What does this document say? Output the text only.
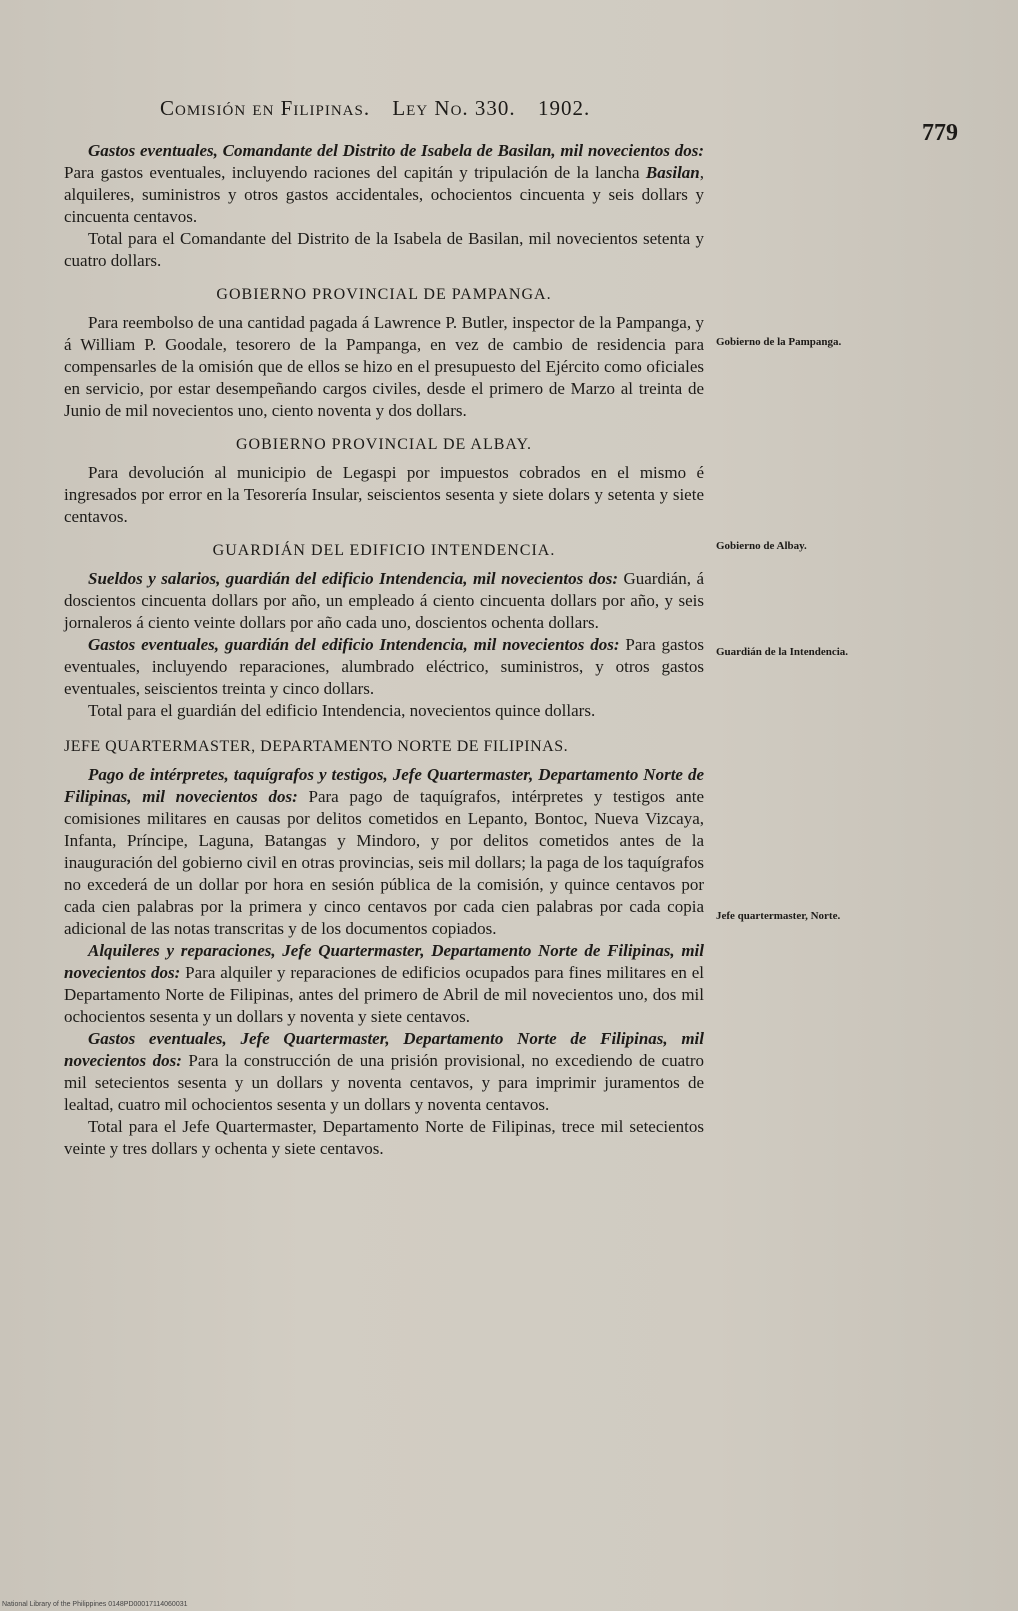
Comisión en Filipinas. Ley No. 330. 1902.
779

Gastos eventuales, Comandante del Distrito de Isabela de Basilan, mil novecientos dos: Para gastos eventuales, incluyendo raciones del capitán y tripulación de la lancha Basilan, alquileres, suministros y otros gastos accidentales, ochocientos cincuenta y seis dollars y cincuenta centavos.

Total para el Comandante del Distrito de la Isabela de Basilan, mil novecientos setenta y cuatro dollars.

GOBIERNO PROVINCIAL DE PAMPANGA.

Para reembolso de una cantidad pagada á Lawrence P. Butler, inspector de la Pampanga, y á William P. Goodale, tesorero de la Pampanga, en vez de cambio de residencia para compensarles de la omisión que de ellos se hizo en el presupuesto del Ejército como oficiales en servicio, por estar desempeñando cargos civiles, desde el primero de Marzo al treinta de Junio de mil novecientos uno, ciento noventa y dos dollars.

GOBIERNO PROVINCIAL DE ALBAY.

Para devolución al municipio de Legaspi por impuestos cobrados en el mismo é ingresados por error en la Tesorería Insular, seiscientos sesenta y siete dolars y setenta y siete centavos.

GUARDIÁN DEL EDIFICIO INTENDENCIA.

Sueldos y salarios, guardián del edificio Intendencia, mil novecientos dos: Guardián, á doscientos cincuenta dollars por año, un empleado á ciento cincuenta dollars por año, y seis jornaleros á ciento veinte dollars por año cada uno, doscientos ochenta dollars.

Gastos eventuales, guardián del edificio Intendencia, mil novecientos dos: Para gastos eventuales, incluyendo reparaciones, alumbrado eléctrico, suministros, y otros gastos eventuales, seiscientos treinta y cinco dollars.

Total para el guardián del edificio Intendencia, novecientos quince dollars.

JEFE QUARTERMASTER, DEPARTAMENTO NORTE DE FILIPINAS.

Pago de intérpretes, taquígrafos y testigos, Jefe Quartermaster, Departamento Norte de Filipinas, mil novecientos dos: Para pago de taquígrafos, intérpretes y testigos ante comisiones militares en causas por delitos cometidos en Lepanto, Bontoc, Nueva Vizcaya, Infanta, Príncipe, Laguna, Batangas y Mindoro, y por delitos cometidos antes de la inauguración del gobierno civil en otras provincias, seis mil dollars; la paga de los taquígrafos no excederá de un dollar por hora en sesión pública de la comisión, y quince centavos por cada cien palabras por la primera y cinco centavos por cada cien palabras por cada copia adicional de las notas transcritas y de los documentos copiados.

Alquileres y reparaciones, Jefe Quartermaster, Departamento Norte de Filipinas, mil novecientos dos: Para alquiler y reparaciones de edificios ocupados para fines militares en el Departamento Norte de Filipinas, antes del primero de Abril de mil novecientos uno, dos mil ochocientos sesenta y un dollars y noventa y siete centavos.

Gastos eventuales, Jefe Quartermaster, Departamento Norte de Filipinas, mil novecientos dos: Para la construcción de una prisión provisional, no excediendo de cuatro mil setecientos sesenta y un dollars y noventa centavos, y para imprimir juramentos de lealtad, cuatro mil ochocientos sesenta y un dollars y noventa centavos.

Total para el Jefe Quartermaster, Departamento Norte de Filipinas, trece mil setecientos veinte y tres dollars y ochenta y siete centavos.

Gobierno de la Pampanga.
Gobierno de Albay.
Guardián de la Intendencia.
Jefe quartermaster, Norte.
National Library of the Philippines 0148PD00017114060031
